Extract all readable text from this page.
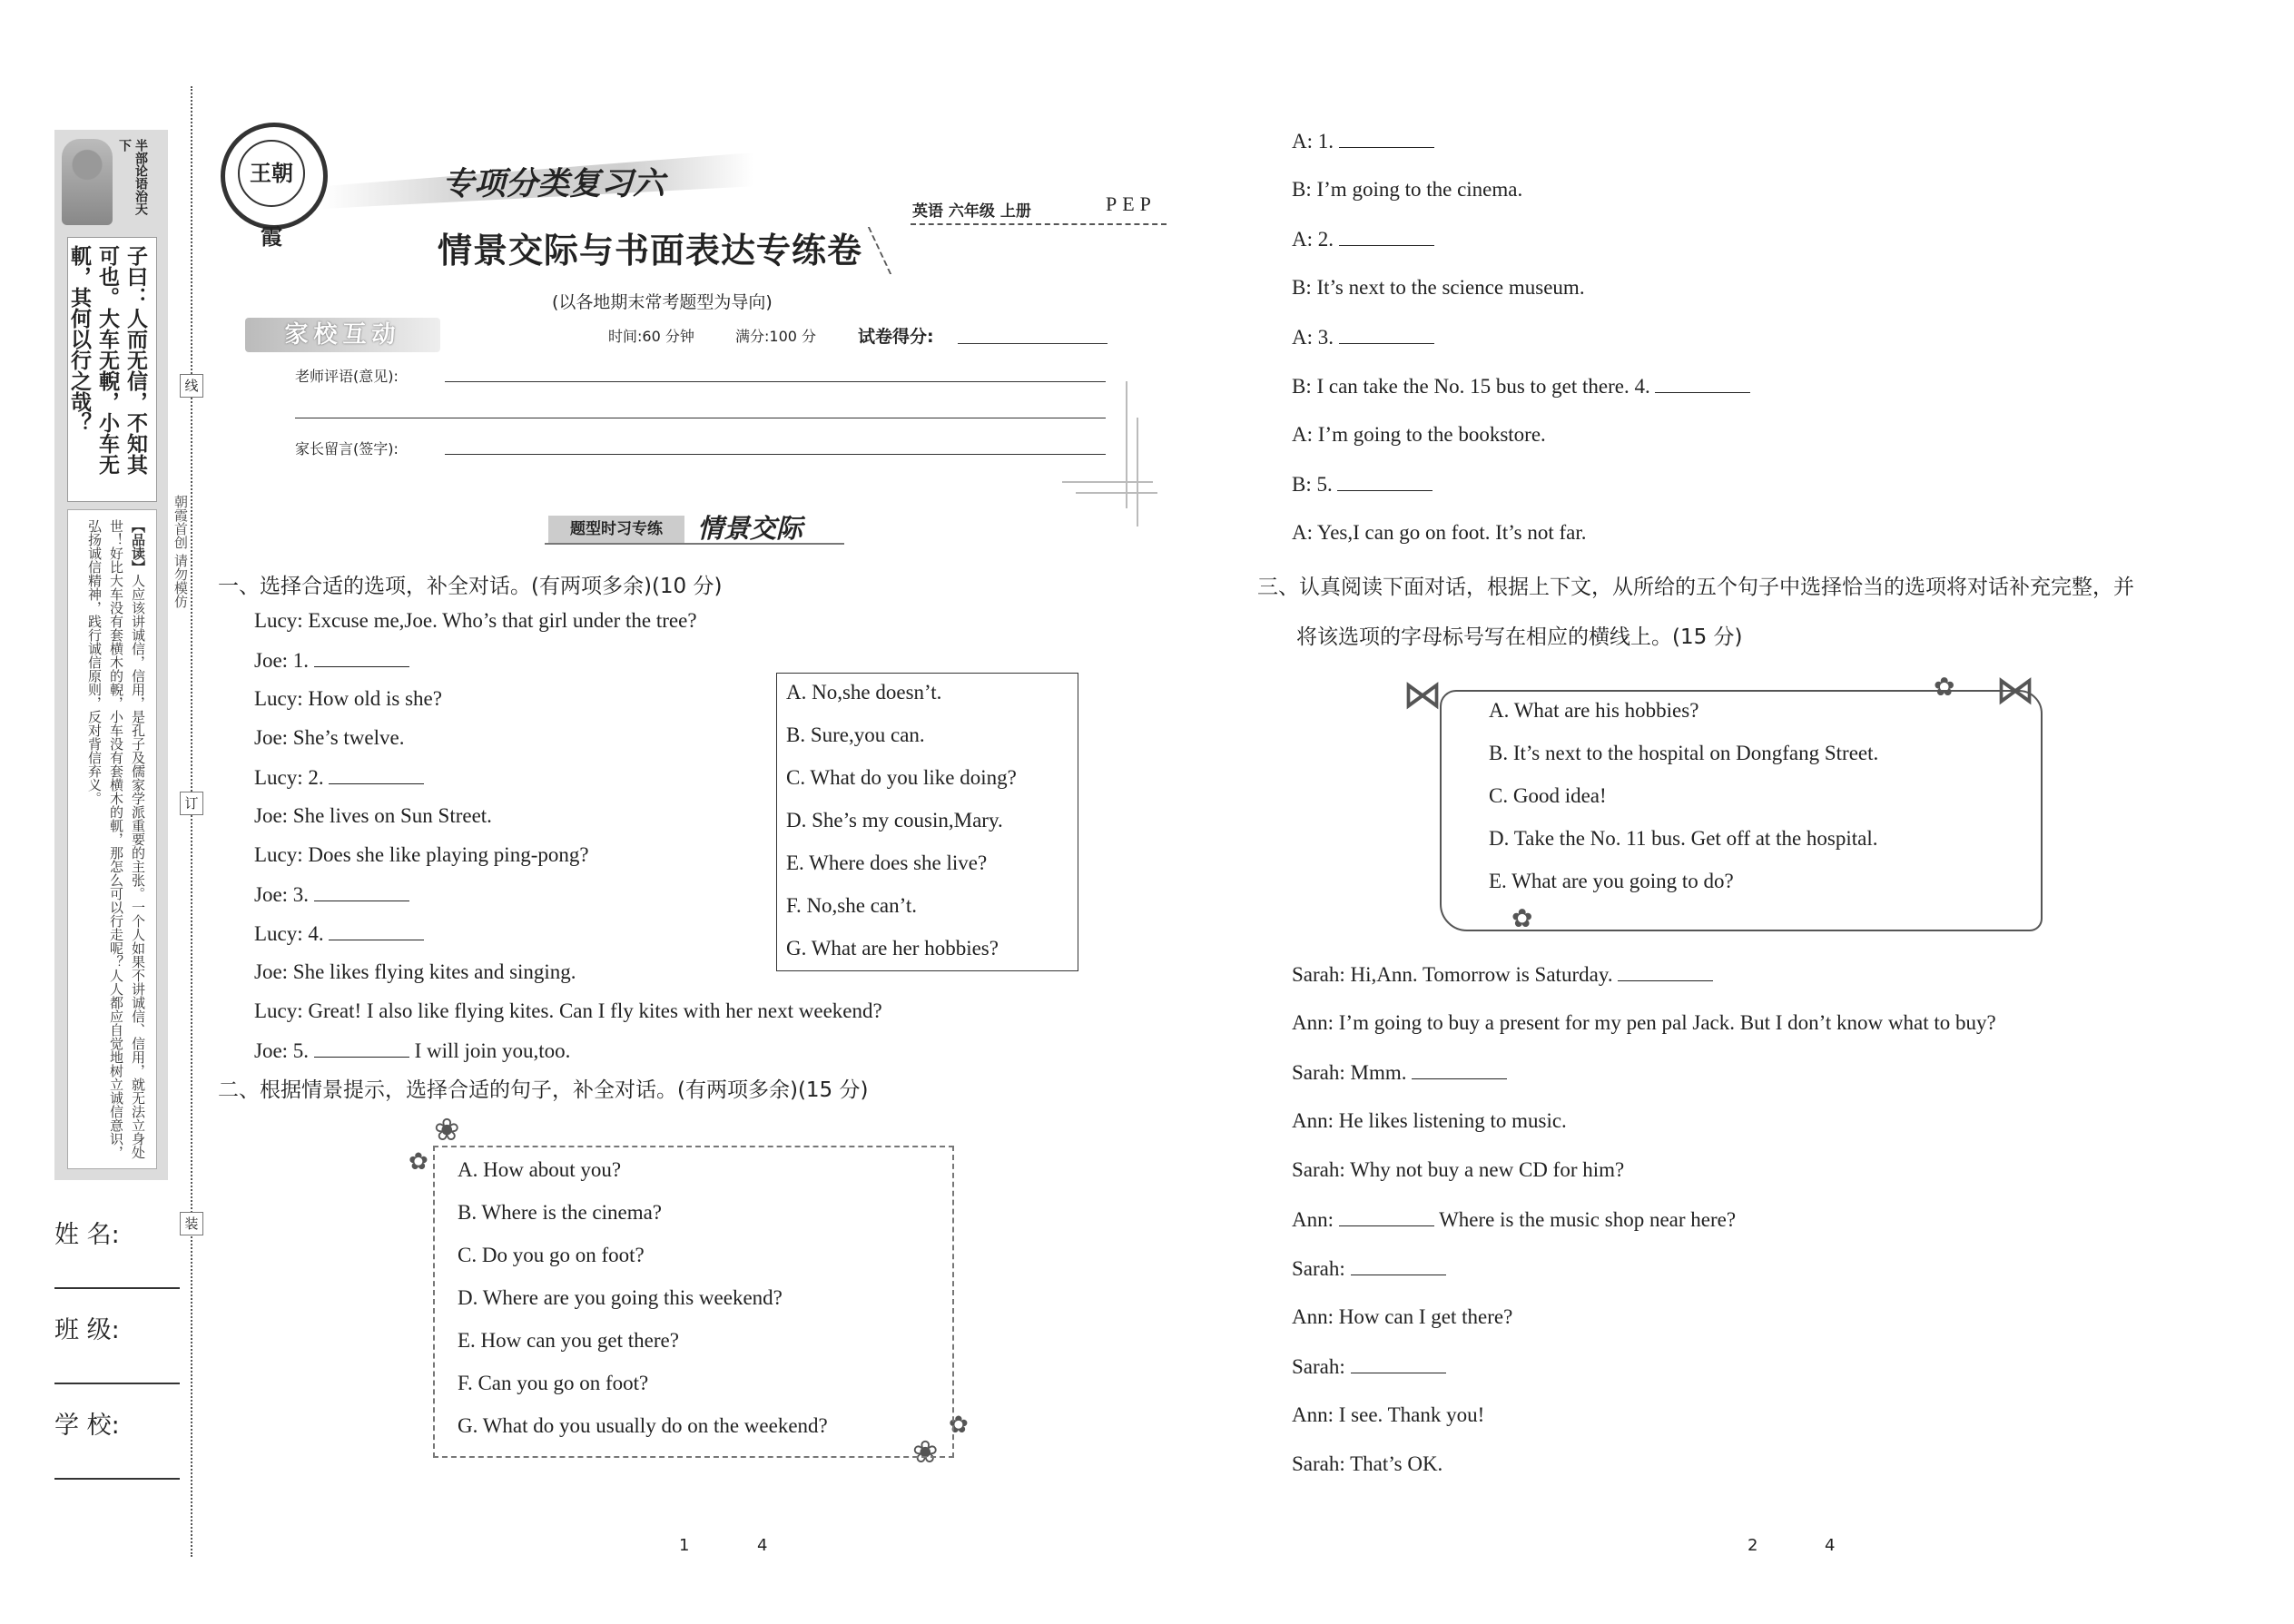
半部论语治天下
子曰：人而无信，不知其可也。大车无輗，小车无軏，其何以行之哉？
【品读】人应该讲诚信，信用，是孔子及儒家学派重要的主张。一个人如果不讲诚信、信用，就无法立身处世！好比大车没有套横木的輗，小车没有套横木的軏，那怎么可以行走呢？人人都应自觉地树立诚信意识，弘扬诚信精神，践行诚信原则，反对背信弃义。
姓 名:
班 级:
学 校:
线
订
装
朝霞首创 请勿模仿
王朝霞
专项分类复习六
情景交际与书面表达专练卷
(以各地期末常考题型为导向)
英语 六年级 上册	PEP
家校互动	时间:60 分钟	满分:100 分 试卷得分:
老师评语(意见):
家长留言(签字):
题型时习专练	情景交际
一、选择合适的选项，补全对话。(有两项多余)(10 分)
Lucy: Excuse me,Joe. Who’s that girl under the tree?
Joe: 1.
Lucy: How old is she?
Joe: She’s twelve.
Lucy: 2.
Joe: She lives on Sun Street.
Lucy: Does she like playing ping-pong?
Joe: 3.
Lucy: 4.
Joe: She likes flying kites and singing.
Lucy: Great! I also like flying kites. Can I fly kites with her next weekend?
Joe: 5.	I will join you,too.
A. No,she doesn’t.
B. Sure,you can.
C. What do you like doing?
D. She’s my cousin,Mary.
E. Where does she live?
F. No,she can’t.
G. What are her hobbies?
二、根据情景提示，选择合适的句子，补全对话。(有两项多余)(15 分)
❀
✿
❀
✿
A. How about you?
B. Where is the cinema?
C. Do you go on foot?
D. Where are you going this weekend?
E. How can you get there?
F. Can you go on foot?
G. What do you usually do on the weekend?
A: 1.
B: I’m going to the cinema.
A: 2.
B: It’s next to the science museum.
A: 3.
B: I can take the No. 15 bus to get there. 4.
A: I’m going to the bookstore.
B: 5.
A: Yes,I can go on foot. It’s not far.
三、认真阅读下面对话，根据上下文，从所给的五个句子中选择恰当的选项将对话补充完整，并
将该选项的字母标号写在相应的横线上。(15 分)
⋈	⋈
✿
✿
A. What are his hobbies?
B. It’s next to the hospital on Dongfang Street.
C. Good idea!
D. Take the No. 11 bus. Get off at the hospital.
E. What are you going to do?
Sarah: Hi,Ann. Tomorrow is Saturday.
Ann: I’m going to buy a present for my pen pal Jack. But I don’t know what to buy?
Sarah: Mmm.
Ann: He likes listening to music.
Sarah: Why not buy a new CD for him?
Ann:	Where is the music shop near here?
Sarah:
Ann: How can I get there?
Sarah:
Ann: I see. Thank you!
Sarah: That’s OK.
1	4	2	4
